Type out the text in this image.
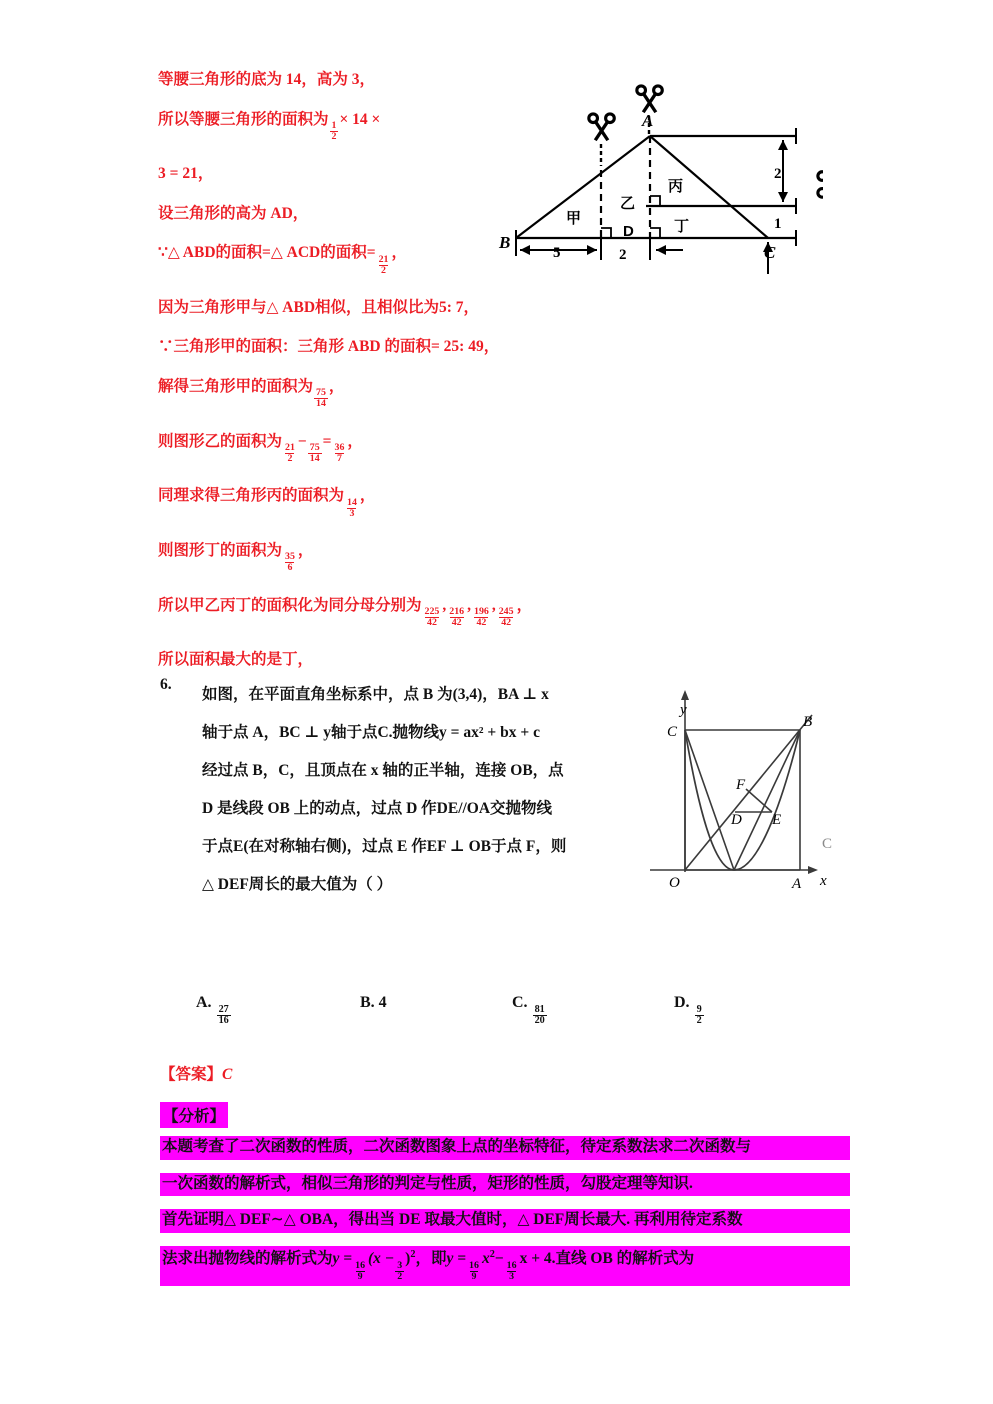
等腰三角形的底为 14，高为 3，
所以等腰三角形的面积为
$\frac{1}{2}$
× 14 ×
3 = 21，
设三角形的高为 AD，
∵△ ABD的面积=△ ACD的面积=
$\frac{21}{2}$
，
因为三角形甲与△ ABD相似，且相似比为5: 7，
∵三角形甲的面积：三角形 ABD 的面积= 25: 49，
解得三角形甲的面积为
$\frac{75}{14}$
，
则图形乙的面积为
$\frac{21}{2}$
−
$\frac{75}{14}$
=
$\frac{36}{7}$
，
同理求得三角形丙的面积为
$\frac{14}{3}$
，
则图形丁的面积为
$\frac{35}{6}$
，
所以甲乙丙丁的面积化为同分母分别为
$\frac{225}{42}$
,
$\frac{216}{42}$
,
$\frac{196}{42}$
,
$\frac{245}{42}$
，
所以面积最大的是丁，
A
B
C
D
甲
乙
丙
丁
5	2
2
1
6.
如图，在平面直角坐标系中，点 B 为(3,4)，BA ⊥ x
轴于点 A，BC ⊥ y轴于点C.抛物线y = ax² + bx + c
经过点 B，C，且顶点在 x 轴的正半轴，连接 OB，点
D 是线段 OB 上的动点，过点 D 作DE//OA交抛物线
于点E(在对称轴右侧)，过点 E 作EF ⊥ OB于点 F，则
△ DEF周长的最大值为（ ）
y
x
O	A
B
C
D E
F
C
A.
$\frac{27}{16}$
B. 4	C.
$\frac{81}{20}$
D.
$\frac{9}{2}$
【答案】C
【分析】
本题考查了二次函数的性质，二次函数图象上点的坐标特征，待定系数法求二次函数与
一次函数的解析式，相似三角形的判定与性质，矩形的性质，勾股定理等知识.
首先证明△ DEF∼△ OBA，得出当 DE 取最大值时，△ DEF周长最大. 再利用待定系数
法求出抛物线的解析式为y =
$\frac{16}{9}$
(x −
$\frac{3}{2}$
)$^2$，即y =
$\frac{16}{9}$
$x^2-$
$\frac{16}{3}$
x + 4.直线 OB 的解析式为
